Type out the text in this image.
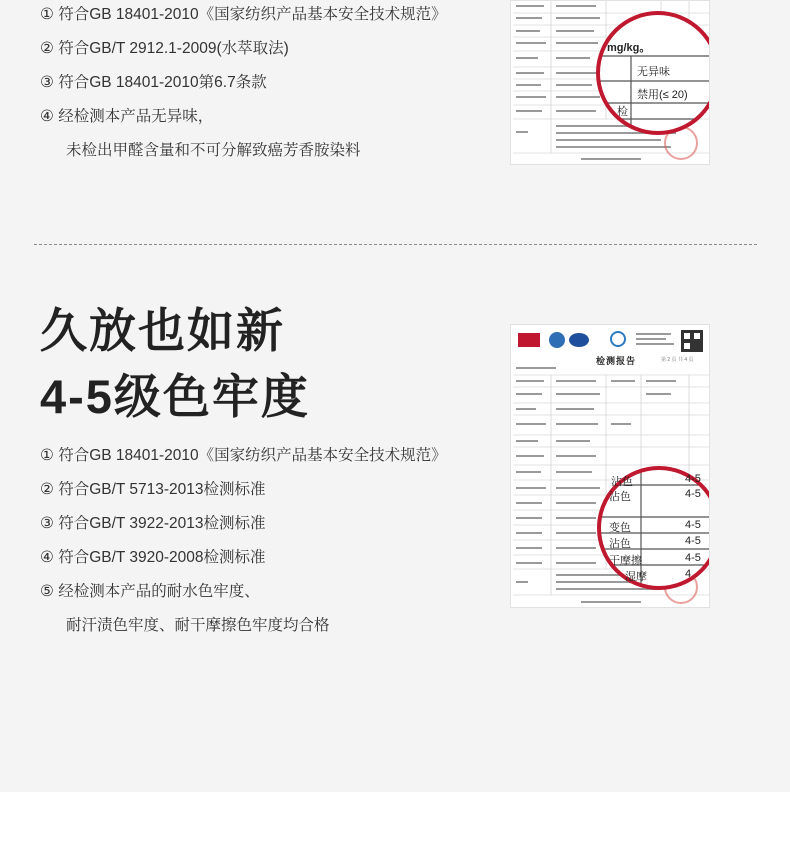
① 符合GB 18401-2010《国家纺织产品基本安全技术规范》
② 符合GB/T 2912.1-2009(水萃取法)
③ 符合GB 18401-2010第6.7条款
④ 经检测本产品无异味，
未检出甲醛含量和不可分解致癌芳香胺染料
mg/kg。
无异味
禁用(≤ 20)
检
久放也如新
4-5级色牢度
① 符合GB 18401-2010《国家纺织产品基本安全技术规范》
② 符合GB/T 5713-2013检测标准
③ 符合GB/T 3922-2013检测标准
④ 符合GB/T 3920-2008检测标准
⑤ 经检测本产品的耐水色牢度、
耐汗渍色牢度、耐干摩擦色牢度均合格
检测报告	第 2 页 共 4 页
沾色	4-5
沾色	4-5
变色	4-5
沾色	4-5
干摩擦	4-5
湿摩	4
